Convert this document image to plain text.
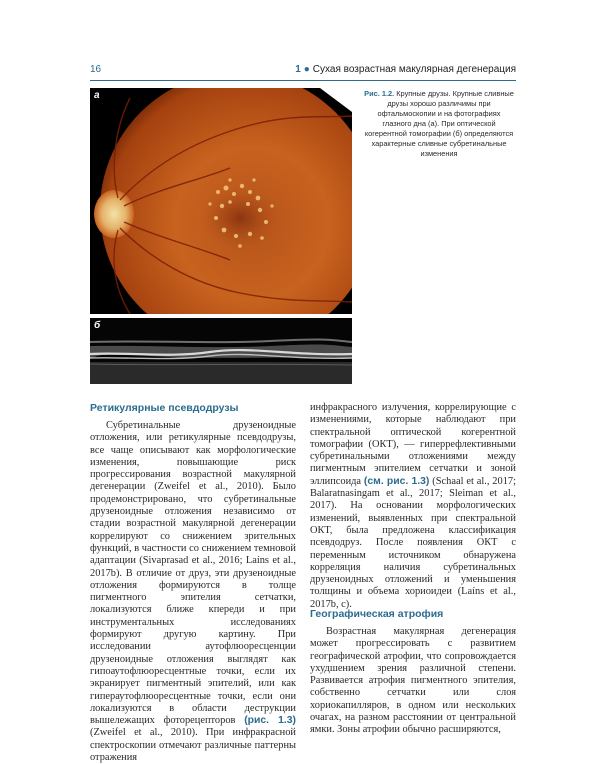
16	1 ● Сухая возрастная макулярная дегенерация
а
б
Рис. 1.2. Крупные друзы. Крупные сливные друзы хорошо различимы при офтальмоскопии и на фотографиях глазного дна (а). При оптической когерентной томографии (б) определяются характерные сливные субретинальные изменения
Ретикулярные псевдодрузы

Субретинальные друзеноидные отложения, или ретикулярные псевдодрузы, все чаще описывают как морфологические изменения, повышающие риск прогрессирования возрастной макулярной дегенерации (Zweifel et al., 2010). Было продемонстрировано, что субретинальные друзеноидные отложения независимо от стадии возрастной макулярной дегенерации коррелируют со снижением зрительных функций, в частности со снижением темновой адаптации (Sivaprasad et al., 2016; Laíns et al., 2017b). В отличие от друз, эти друзеноидные отложения формируются в толще пигментного эпителия сетчатки, локализуются ближе кпереди и при инструментальных исследованиях формируют другую картину. При исследовании аутофлюоресценции друзеноидные отложения выглядят как гипоаутофлюоресцентные точки, если их экранирует пигментный эпителий, или как гипераутофлюоресцентные точки, если они локализуются в области деструкции вышележащих фоторецепторов (рис. 1.3) (Zweifel et al., 2010). При инфракрасной спектроскопии отмечают различные паттерны отражения

инфракрасного излучения, коррелирующие с изменениями, которые наблюдают при спектральной оптической когерентной томографии (ОКТ), — гиперрефлективными субретинальными отложениями между пигментным эпителием сетчатки и зоной эллипсоида (см. рис. 1.3) (Schaal et al., 2017; Balaratnasingam et al., 2017; Sleiman et al., 2017). На основании морфологических изменений, выявленных при спектральной ОКТ, была предложена классификация псевдодруз. После появления ОКТ с переменным источником обнаружена корреляция наличия субретинальных друзеноидных отложений и уменьшения толщины и объема хориоидеи (Laíns et al., 2017b, c).

Географическая атрофия

Возрастная макулярная дегенерация может прогрессировать с развитием географической атрофии, что сопровождается ухудшением зрения различной степени. Развивается атрофия пигментного эпителия, собственно сетчатки или слоя хориокапилляров, в одном или нескольких очагах, на разном расстоянии от центральной ямки. Зоны атрофии обычно расширяются,
